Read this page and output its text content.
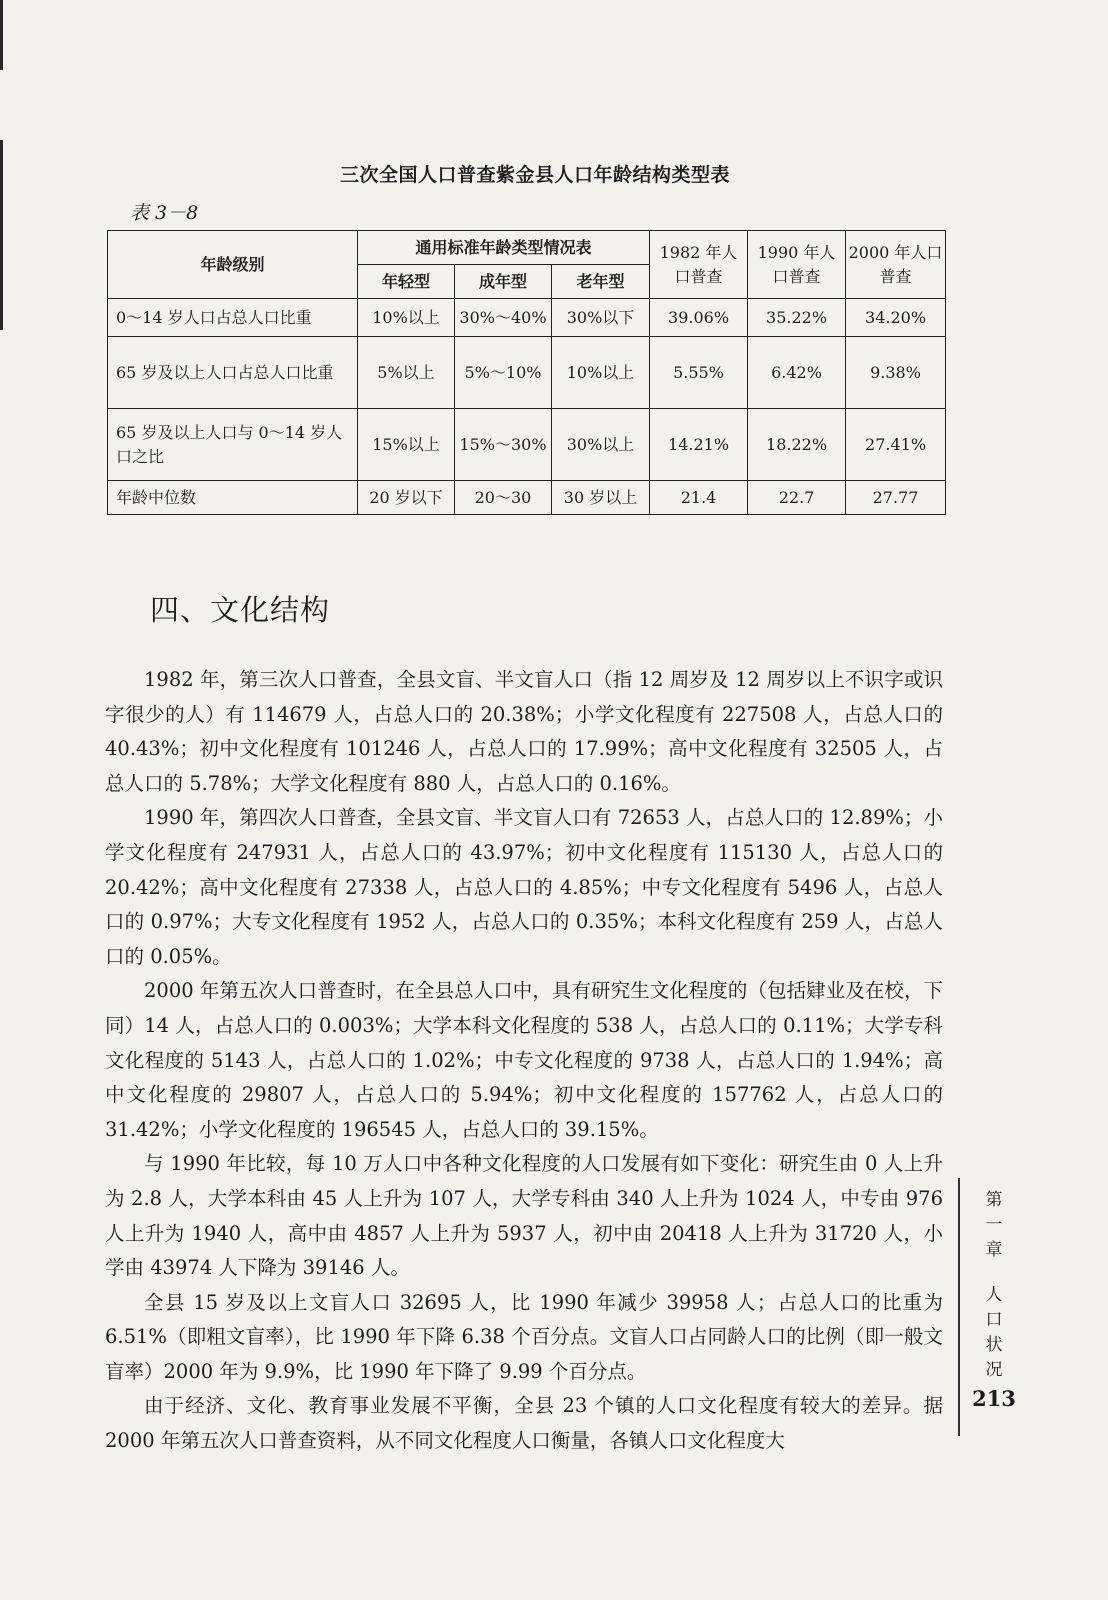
三次全国人口普查紫金县人口年龄结构类型表
表 3－8
年龄级别	通用标准年龄类型情况表			1982 年人口普查	1990 年人口普查	2000 年人口普查
	年轻型	成年型	老年型			
0～14 岁人口占总人口比重	10%以上	30%～40%	30%以下	39.06%	35.22%	34.20%
65 岁及以上人口占总人口比重	5%以上	5%～10%	10%以上	5.55%	6.42%	9.38%
65 岁及以上人口与 0～14 岁人口之比	15%以上	15%～30%	30%以上	14.21%	18.22%	27.41%
年龄中位数	20 岁以下	20～30	30 岁以上	21.4	22.7	27.77
四、文化结构

1982 年，第三次人口普查，全县文盲、半文盲人口（指 12 周岁及 12 周岁以上不识字或识字很少的人）有 114679 人，占总人口的 20.38%；小学文化程度有 227508 人，占总人口的 40.43%；初中文化程度有 101246 人，占总人口的 17.99%；高中文化程度有 32505 人，占总人口的 5.78%；大学文化程度有 880 人，占总人口的 0.16%。

1990 年，第四次人口普查，全县文盲、半文盲人口有 72653 人，占总人口的 12.89%；小学文化程度有 247931 人，占总人口的 43.97%；初中文化程度有 115130 人，占总人口的 20.42%；高中文化程度有 27338 人，占总人口的 4.85%；中专文化程度有 5496 人，占总人口的 0.97%；大专文化程度有 1952 人，占总人口的 0.35%；本科文化程度有 259 人，占总人口的 0.05%。

2000 年第五次人口普查时，在全县总人口中，具有研究生文化程度的（包括肄业及在校，下同）14 人，占总人口的 0.003%；大学本科文化程度的 538 人，占总人口的 0.11%；大学专科文化程度的 5143 人，占总人口的 1.02%；中专文化程度的 9738 人，占总人口的 1.94%；高中文化程度的 29807 人，占总人口的 5.94%；初中文化程度的 157762 人，占总人口的 31.42%；小学文化程度的 196545 人，占总人口的 39.15%。

与 1990 年比较，每 10 万人口中各种文化程度的人口发展有如下变化：研究生由 0 人上升为 2.8 人，大学本科由 45 人上升为 107 人，大学专科由 340 人上升为 1024 人，中专由 976 人上升为 1940 人，高中由 4857 人上升为 5937 人，初中由 20418 人上升为 31720 人，小学由 43974 人下降为 39146 人。

全县 15 岁及以上文盲人口 32695 人，比 1990 年减少 39958 人；占总人口的比重为 6.51%（即粗文盲率），比 1990 年下降 6.38 个百分点。文盲人口占同龄人口的比例（即一般文盲率）2000 年为 9.9%，比 1990 年下降了 9.99 个百分点。

由于经济、文化、教育事业发展不平衡，全县 23 个镇的人口文化程度有较大的差异。据 2000 年第五次人口普查资料，从不同文化程度人口衡量，各镇人口文化程度大

第
一
章
人
口
状
况
213
